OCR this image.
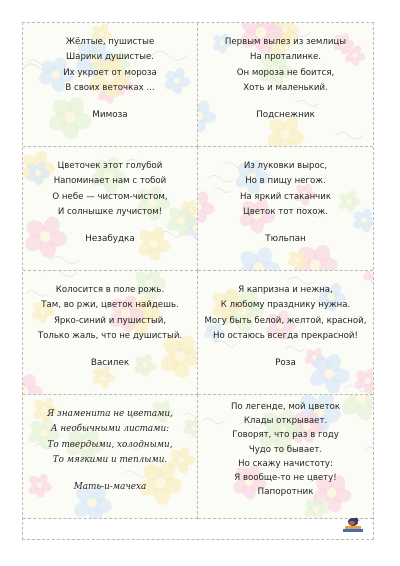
Жёлтые, пушистые
Шарики душистые.
Их укроет от мороза
В своих веточках ...
Мимоза
Первым вылез из землицы
На проталинке.
Он мороза не боится,
Хоть и маленький.
Подснежник
Цветочек этот голубой
Напоминает нам с тобой
О небе — чистом-чистом,
И солнышке лучистом!
Незабудка
Из луковки вырос,
Но в пищу негож.
На яркий стаканчик
Цветок тот похож.
Тюльпан
Колосится в поле рожь.
Там, во ржи, цветок найдешь.
Ярко-синий и пушистый,
Только жаль, что не душистый.
Василек
Я капризна и нежна,
К любому празднику нужна.
Могу быть белой, желтой, красной,
Но остаюсь всегда прекрасной!
Роза
Я знаменита не цветами,
А необычными листами:
То твердыми, холодными,
То мягкими и теплыми.
Мать-и-мачеха
По легенде, мой цветок
Клады открывает.
Говорят, что раз в году
Чудо то бывает.
Но скажу начистоту:
Я вообще-то не цвету!
Папоротник
